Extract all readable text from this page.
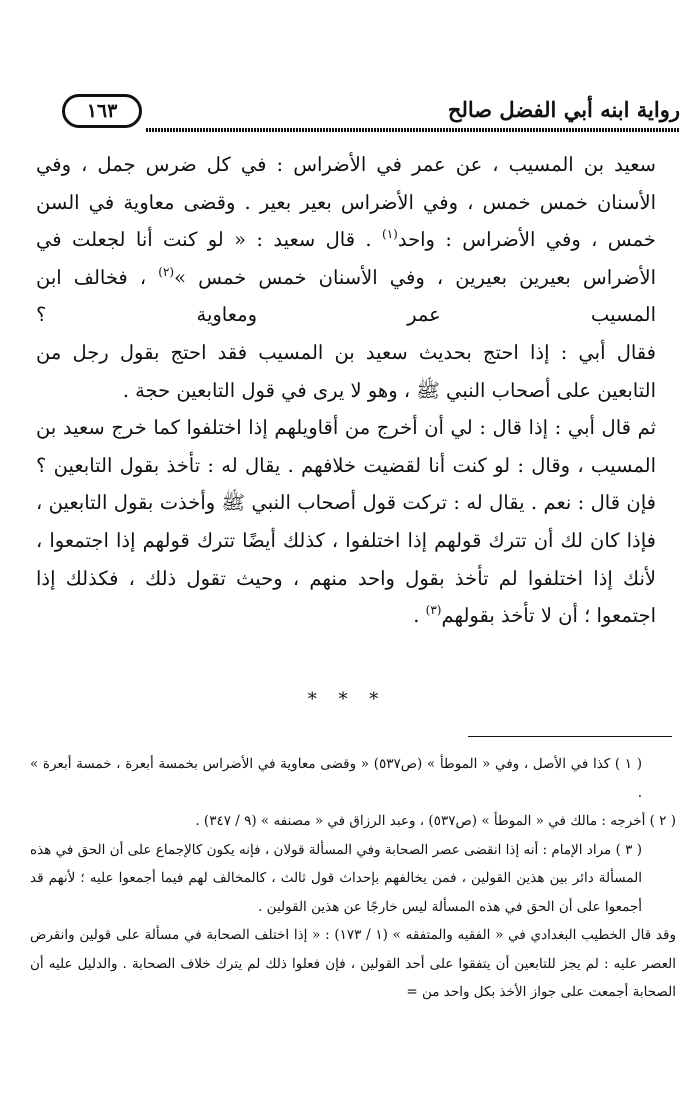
رواية ابنه أبي الفضل صالح
١٦٣

سعيد بن المسيب ، عن عمر في الأضراس : في كل ضرس جمل ، وفي الأسنان خمس خمس ، وفي الأضراس بعير بعير . وقضى معاوية في السن خمس ، وفي الأضراس : واحد$^{(١)}$ . قال سعيد : « لو كنت أنا لجعلت في الأضراس بعيرين بعيرين ، وفي الأسنان خمس خمس »$^{(٢)}$ ، فخالف ابن المسيب عمر ومعاوية ؟

فقال أبي : إذا احتج بحديث سعيد بن المسيب فقد احتج بقول رجل من التابعين على أصحاب النبي ﷺ ، وهو لا يرى في قول التابعين حجة .

ثم قال أبي : إذا قال : لي أن أخرج من أقاويلهم إذا اختلفوا كما خرج سعيد بن المسيب ، وقال : لو كنت أنا لقضيت خلافهم . يقال له : تأخذ بقول التابعين ؟ فإن قال : نعم . يقال له : تركت قول أصحاب النبي ﷺ وأخذت بقول التابعين ، فإذا كان لك أن تترك قولهم إذا اختلفوا ، كذلك أيضًا تترك قولهم إذا اجتمعوا ، لأنك إذا اختلفوا لم تأخذ بقول واحد منهم ، وحيث تقول ذلك ، فكذلك إذا اجتمعوا ؛ أن لا تأخذ بقولهم$^{(٣)}$ .

* * *

( ١ ) كذا في الأصل ، وفي « الموطأ » (ص٥٣٧) « وقضى معاوية في الأضراس بخمسة أبعرة ، خمسة أبعرة » .

( ٢ ) أخرجه : مالك في « الموطأ » (ص٥٣٧) ، وعبد الرزاق في « مصنفه » (٩ / ٣٤٧) .

( ٣ ) مراد الإمام : أنه إذا انقضى عصر الصحابة وفي المسألة قولان ، فإنه يكون كالإجماع على أن الحق في هذه المسألة دائر بين هذين القولين ، فمن يخالفهم بإحداث قول ثالث ، كالمخالف لهم فيما أجمعوا عليه ؛ لأنهم قد أجمعوا على أن الحق في هذه المسألة ليس خارجًا عن هذين القولين .

وقد قال الخطيب البغدادي في « الفقيه والمتفقه » (١ / ١٧٣) : « إذا اختلف الصحابة في مسألة على قولين وانقرض العصر عليه : لم يجز للتابعين أن يتفقوا على أحد القولين ، فإن فعلوا ذلك لم يترك خلاف الصحابة . والدليل عليه أن الصحابة أجمعت على جواز الأخذ بكل واحد من =
